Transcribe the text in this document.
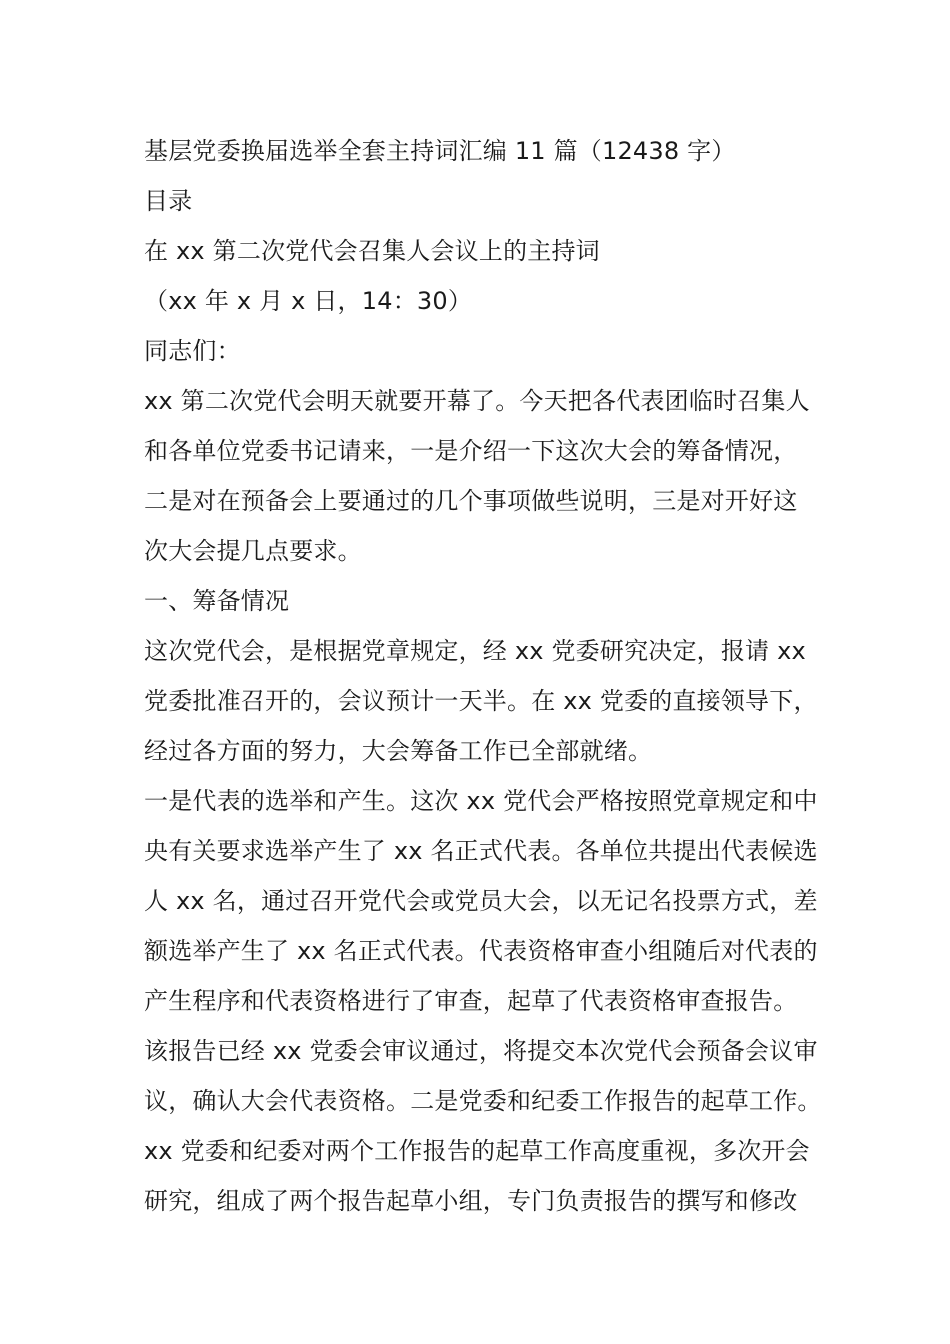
基层党委换届选举全套主持词汇编 11 篇（12438 字）
目录
在 xx 第二次党代会召集人会议上的主持词
（xx 年 x 月 x 日，14：30）
同志们：
xx 第二次党代会明天就要开幕了。今天把各代表团临时召集人
和各单位党委书记请来，一是介绍一下这次大会的筹备情况，
二是对在预备会上要通过的几个事项做些说明，三是对开好这
次大会提几点要求。
一、筹备情况
这次党代会，是根据党章规定，经 xx 党委研究决定，报请 xx
党委批准召开的，会议预计一天半。在 xx 党委的直接领导下，
经过各方面的努力，大会筹备工作已全部就绪。
一是代表的选举和产生。这次 xx 党代会严格按照党章规定和中
央有关要求选举产生了 xx 名正式代表。各单位共提出代表候选
人 xx 名，通过召开党代会或党员大会，以无记名投票方式，差
额选举产生了 xx 名正式代表。代表资格审查小组随后对代表的
产生程序和代表资格进行了审查，起草了代表资格审查报告。
该报告已经 xx 党委会审议通过，将提交本次党代会预备会议审
议，确认大会代表资格。二是党委和纪委工作报告的起草工作。
xx 党委和纪委对两个工作报告的起草工作高度重视，多次开会
研究，组成了两个报告起草小组，专门负责报告的撰写和修改
